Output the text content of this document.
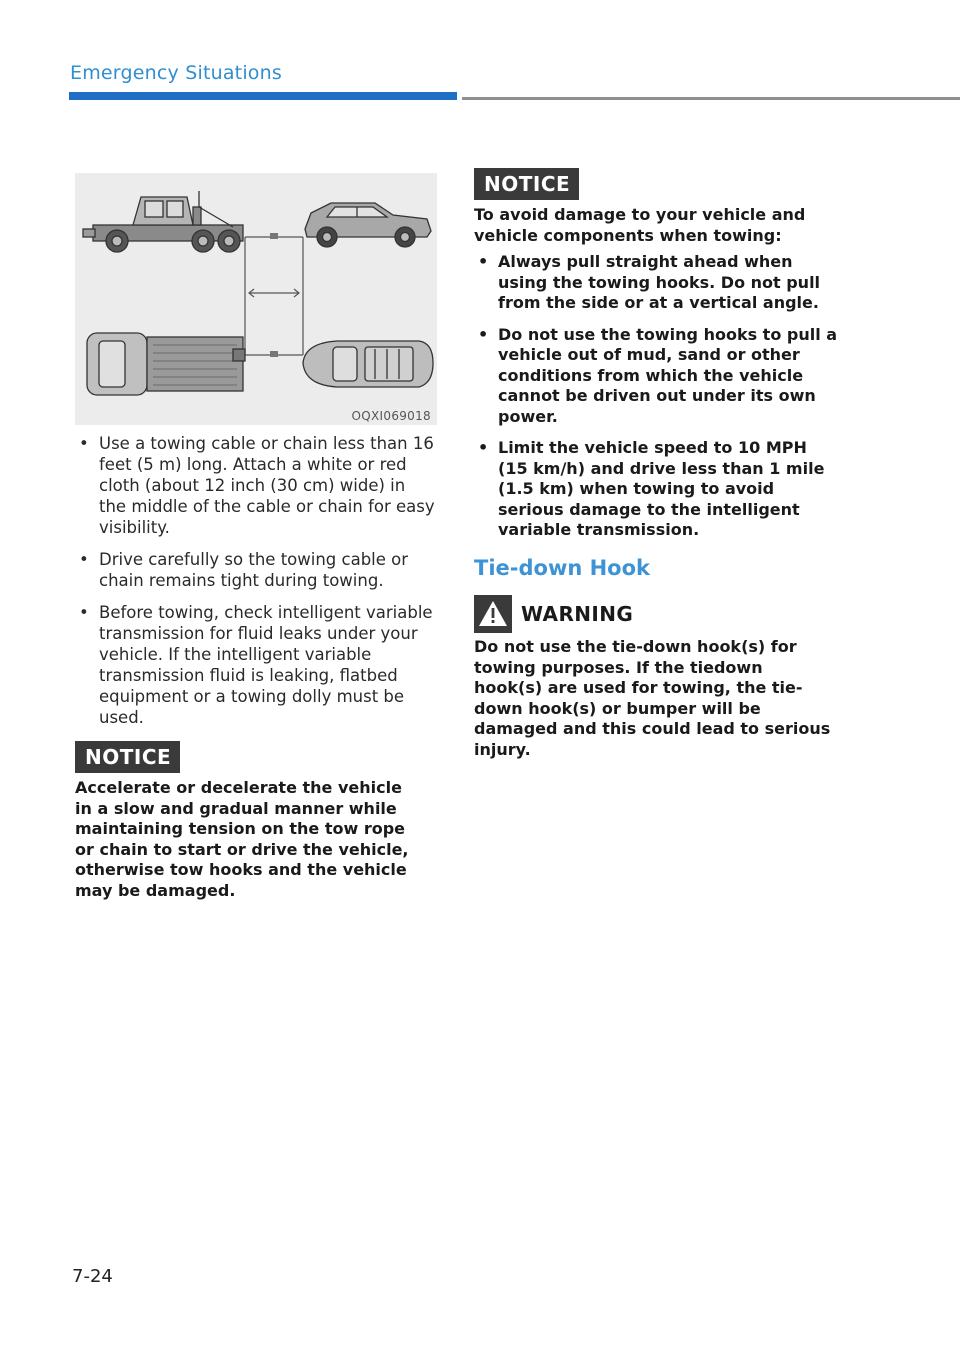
Emergency Situations
OQXI069018
• Use a towing cable or chain less than 16 feet (5 m) long. Attach a white or red cloth (about 12 inch (30 cm) wide) in the middle of the cable or chain for easy visibility.
• Drive carefully so the towing cable or chain remains tight during towing.
• Before towing, check intelligent variable transmission for fluid leaks under your vehicle. If the intelligent variable transmission fluid is leaking, flatbed equipment or a towing dolly must be used.
NOTICE

Accelerate or decelerate the vehicle in a slow and gradual manner while maintaining tension on the tow rope or chain to start or drive the vehicle, otherwise tow hooks and the vehicle may be damaged.

NOTICE

To avoid damage to your vehicle and vehicle components when towing:

• Always pull straight ahead when using the towing hooks. Do not pull from the side or at a vertical angle.
• Do not use the towing hooks to pull a vehicle out of mud, sand or other conditions from which the vehicle cannot be driven out under its own power.
• Limit the vehicle speed to 10 MPH (15 km/h) and drive less than 1 mile (1.5 km) when towing to avoid serious damage to the intelligent variable transmission.
Tie-down Hook
WARNING

Do not use the tie-down hook(s) for towing purposes. If the tiedown hook(s) are used for towing, the tie-down hook(s) or bumper will be damaged and this could lead to serious injury.

7-24
